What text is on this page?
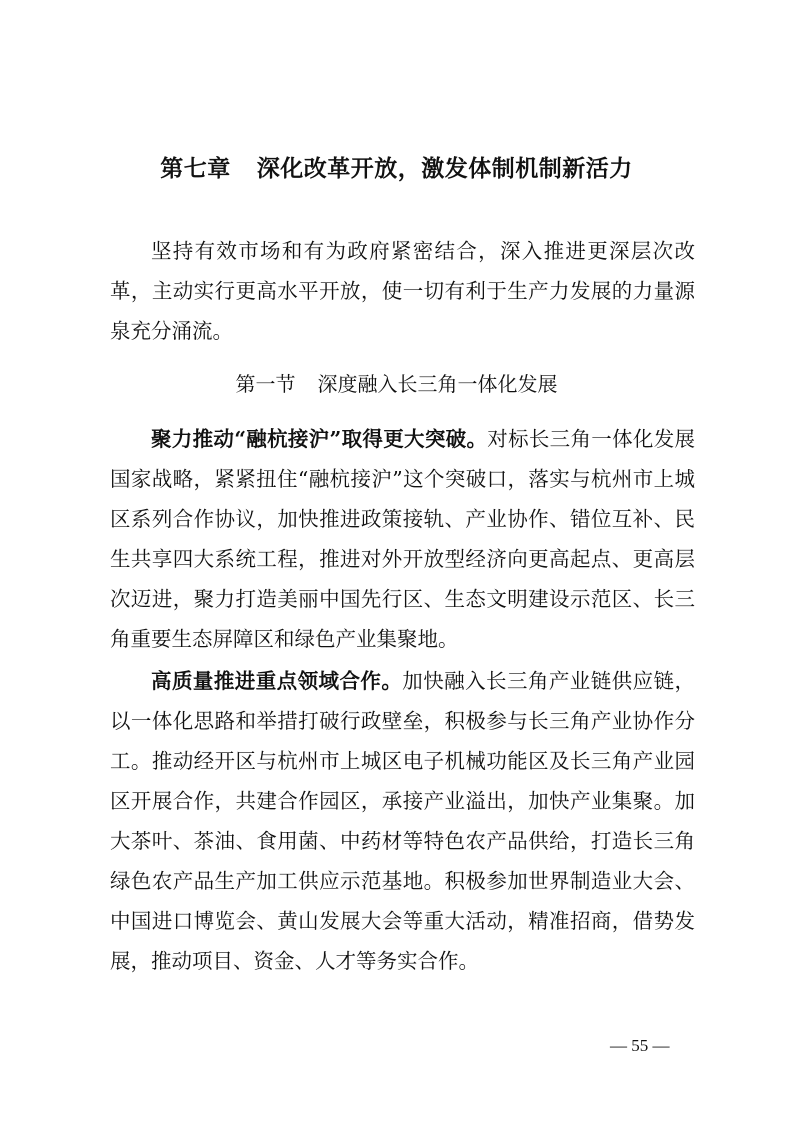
第七章 深化改革开放，激发体制机制新活力

坚持有效市场和有为政府紧密结合，深入推进更深层次改革，主动实行更高水平开放，使一切有利于生产力发展的力量源泉充分涌流。

第一节 深度融入长三角一体化发展

聚力推动“融杭接沪”取得更大突破。对标长三角一体化发展国家战略，紧紧扭住“融杭接沪”这个突破口，落实与杭州市上城区系列合作协议，加快推进政策接轨、产业协作、错位互补、民生共享四大系统工程，推进对外开放型经济向更高起点、更高层次迈进，聚力打造美丽中国先行区、生态文明建设示范区、长三角重要生态屏障区和绿色产业集聚地。

高质量推进重点领域合作。加快融入长三角产业链供应链，以一体化思路和举措打破行政壁垒，积极参与长三角产业协作分工。推动经开区与杭州市上城区电子机械功能区及长三角产业园区开展合作，共建合作园区，承接产业溢出，加快产业集聚。加大茶叶、茶油、食用菌、中药材等特色农产品供给，打造长三角绿色农产品生产加工供应示范基地。积极参加世界制造业大会、中国进口博览会、黄山发展大会等重大活动，精准招商，借势发展，推动项目、资金、人才等务实合作。

— 55 —
